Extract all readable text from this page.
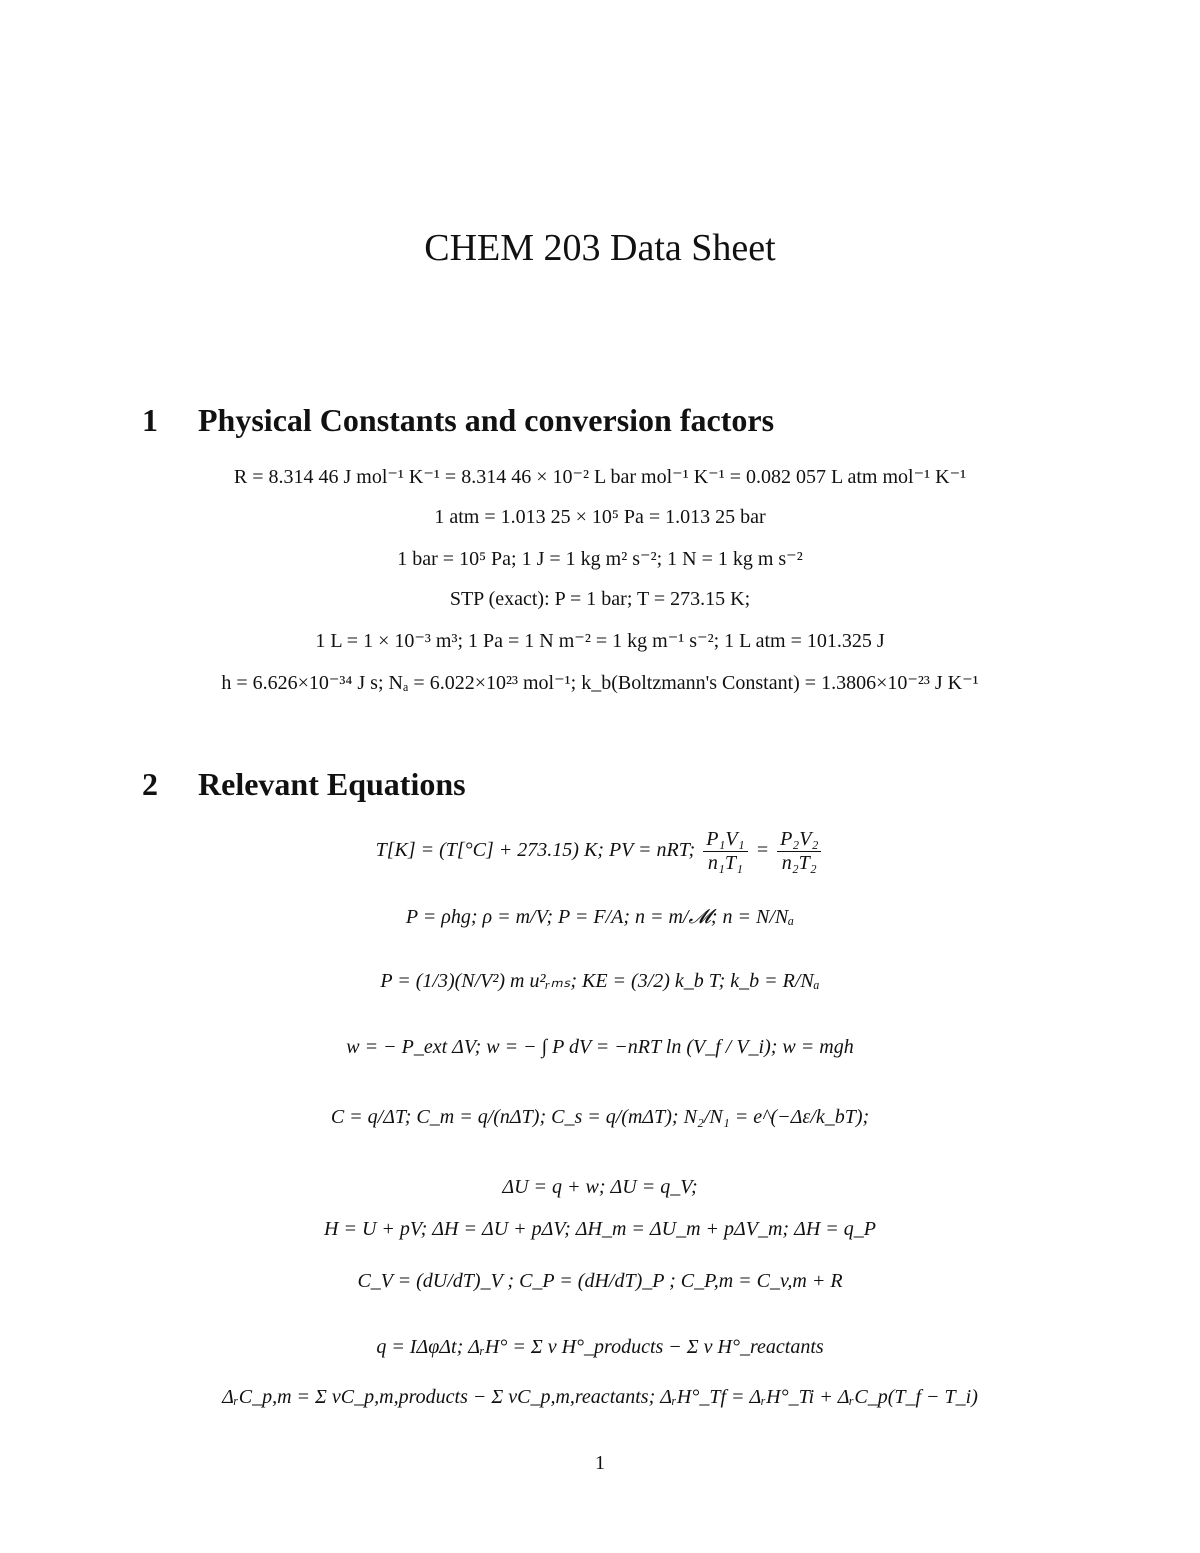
CHEM 203 Data Sheet
1 Physical Constants and conversion factors
R = 8.314 46 J mol⁻¹ K⁻¹ = 8.314 46 × 10⁻² L bar mol⁻¹ K⁻¹ = 0.082 057 L atm mol⁻¹ K⁻¹
1 atm = 1.013 25 × 10⁵ Pa = 1.013 25 bar
1 bar = 10⁵ Pa; 1 J = 1 kg m² s⁻²; 1 N = 1 kg m s⁻²
STP (exact): P = 1 bar; T = 273.15 K;
1 L = 1 × 10⁻³ m³; 1 Pa = 1 N m⁻² = 1 kg m⁻¹ s⁻²; 1 L atm = 101.325 J
h = 6.626×10⁻³⁴ J s; Nₐ = 6.022×10²³ mol⁻¹; k_b(Boltzmann's Constant) = 1.3806×10⁻²³ J K⁻¹
2 Relevant Equations
T[K] = (T[°C] + 273.15) K; PV = nRT; $\frac{\text{P₁V₁}}{\text{n₁T₁}} = \frac{\text{P₂V₂}}{\text{n₂T₂}}$
P = ρhg; ρ = m/V; P = F/A; n = m/𝓜; n = N/Nₐ
P = (1/3)(N/V²) m u²ᵣₘₛ; KE = (3/2) k_b T; k_b = R/Nₐ
w = − P_ext ΔV; w = − ∫ P dV = −nRT ln (V_f / V_i); w = mgh
C = q/ΔT; C_m = q/(nΔT); C_s = q/(mΔT); N₂/N₁ = e^(−Δε/k_bT);
ΔU = q + w; ΔU = q_V;
H = U + pV; ΔH = ΔU + pΔV; ΔH_m = ΔU_m + pΔV_m; ΔH = q_P
C_V = (dU/dT)_V ; C_P = (dH/dT)_P ; C_P,m = C_v,m + R
q = IΔφΔt; ΔᵣH° = Σ ν H°_products − Σ ν H°_reactants
ΔᵣC_p,m = Σ νC_p,m,products − Σ νC_p,m,reactants; ΔᵣH°_Tf = ΔᵣH°_Ti + ΔᵣC_p(T_f − T_i)
1
